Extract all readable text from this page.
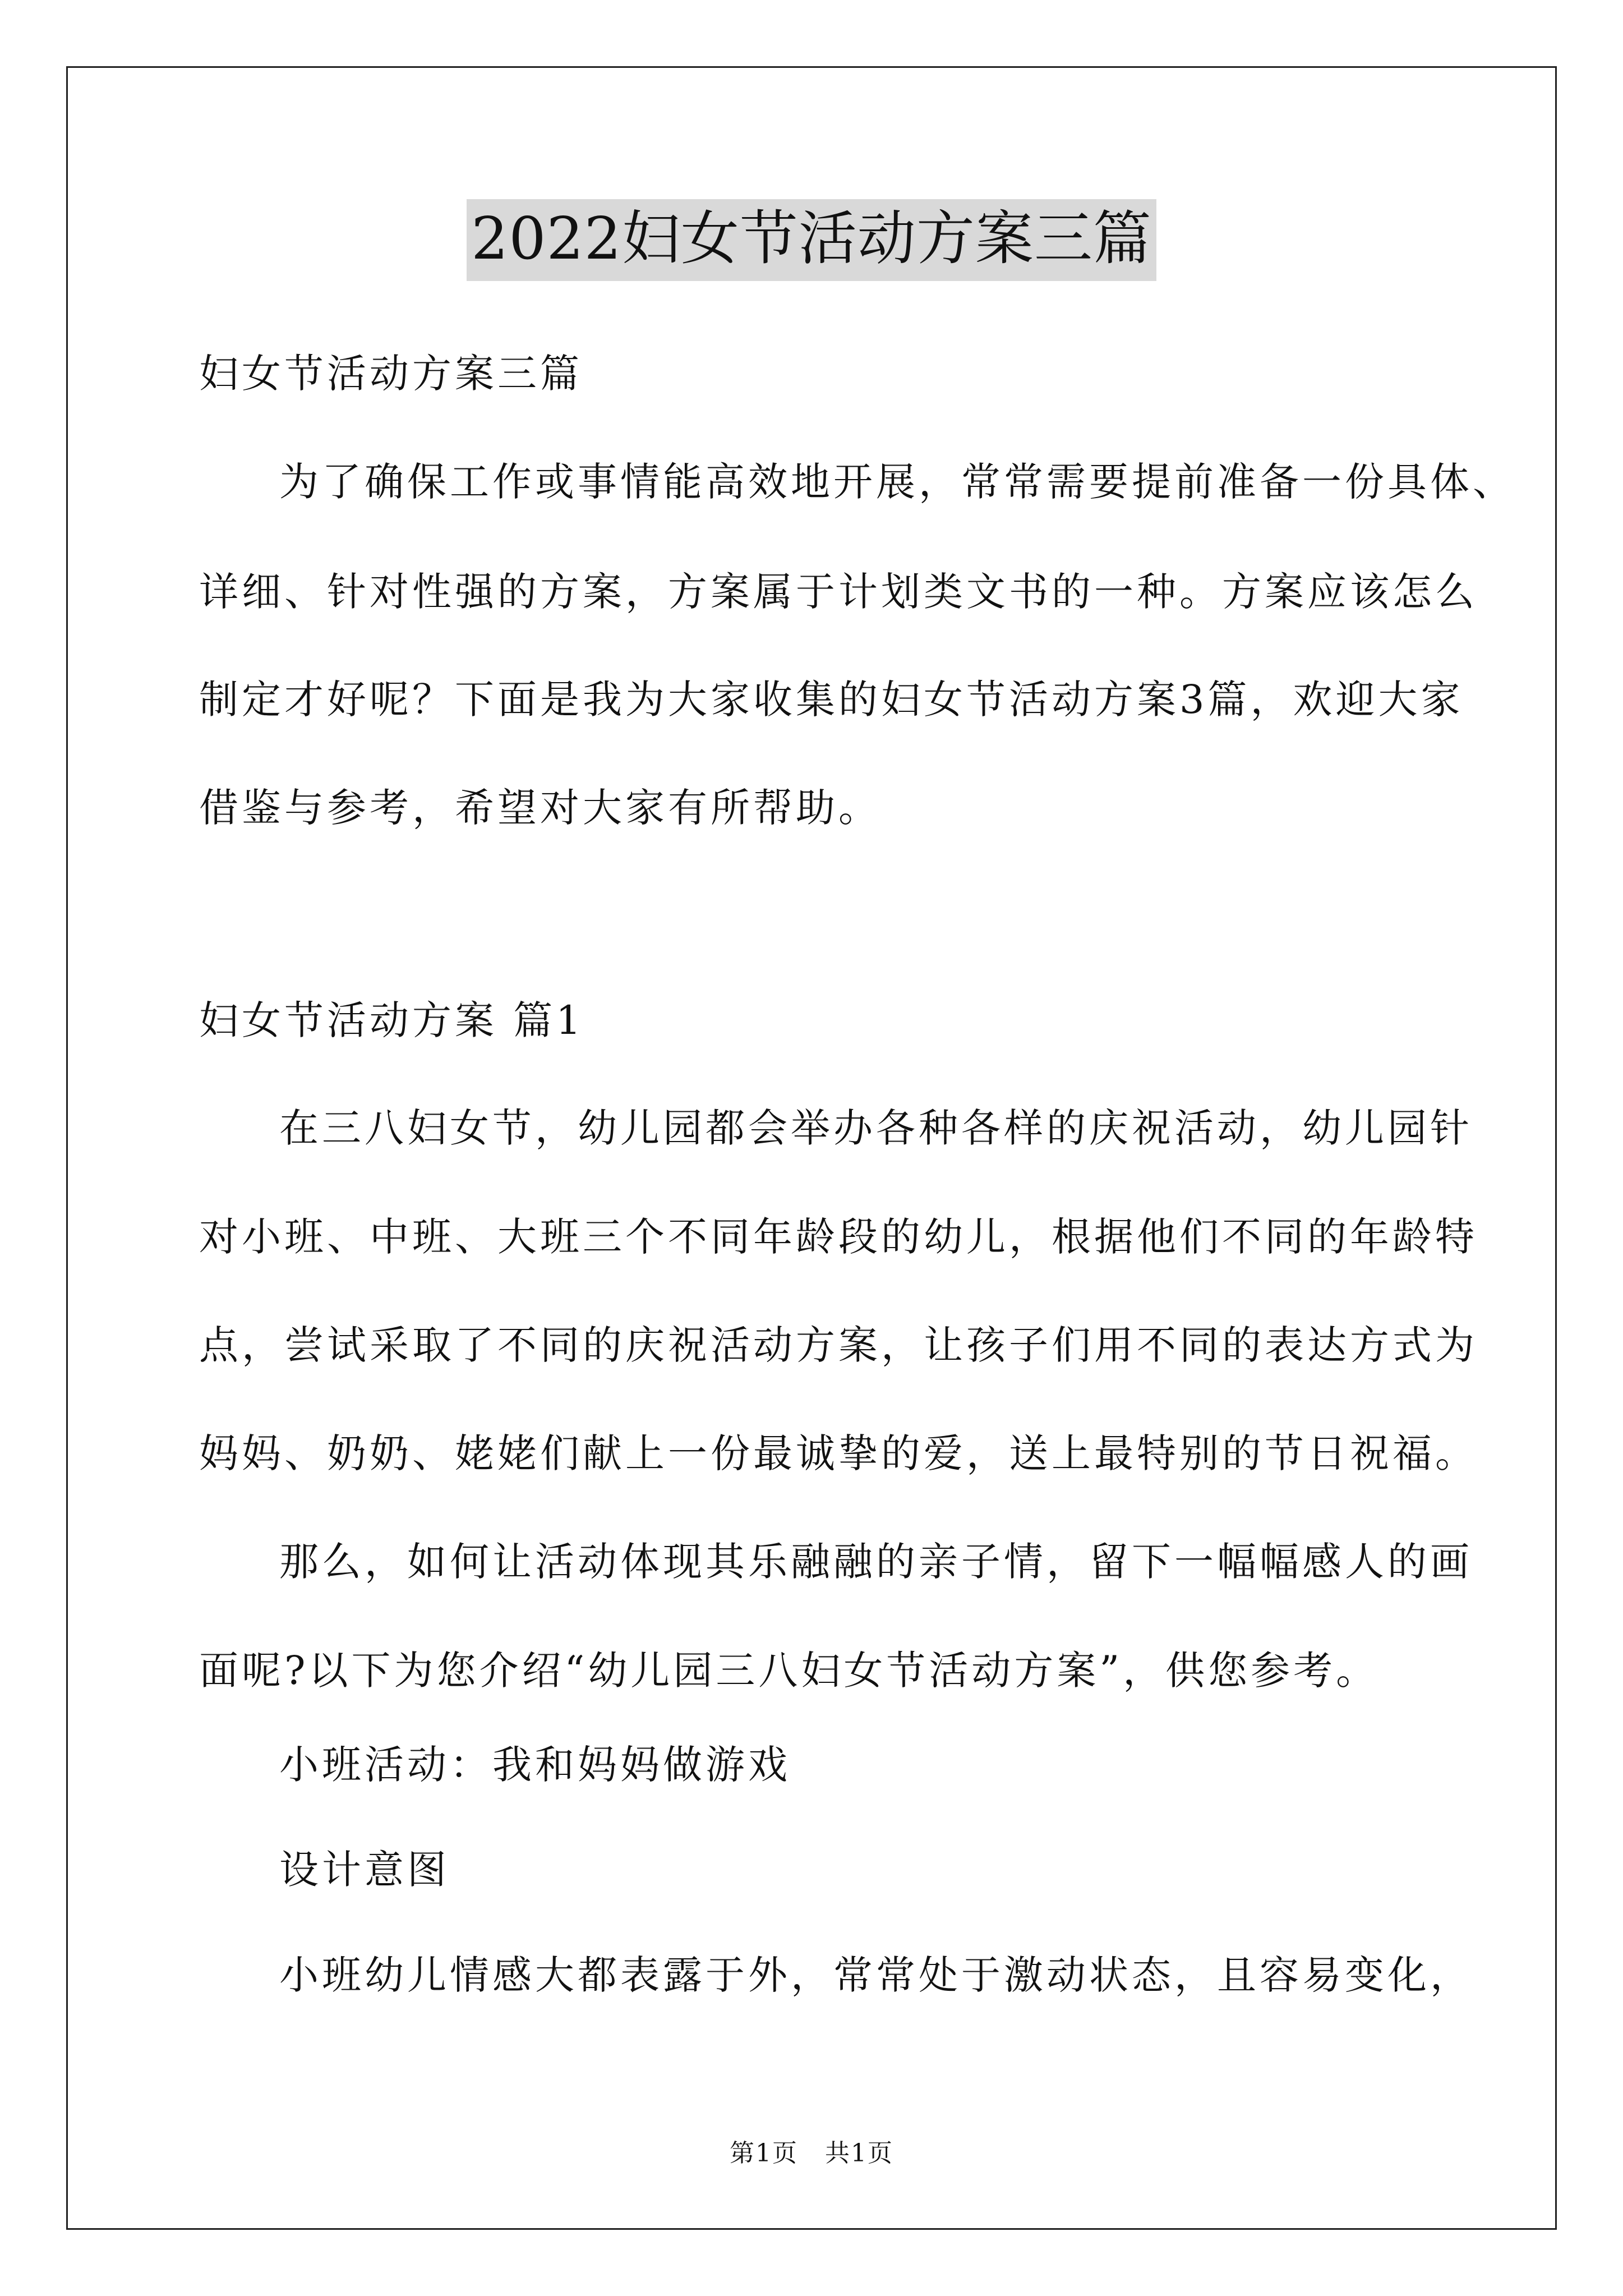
2022妇女节活动方案三篇
妇女节活动方案三篇
为了确保工作或事情能高效地开展，常常需要提前准备一份具体、
详细、针对性强的方案，方案属于计划类文书的一种。方案应该怎么
制定才好呢？下面是我为大家收集的妇女节活动方案3篇，欢迎大家
借鉴与参考，希望对大家有所帮助。
妇女节活动方案 篇1
在三八妇女节，幼儿园都会举办各种各样的庆祝活动，幼儿园针
对小班、中班、大班三个不同年龄段的幼儿，根据他们不同的年龄特
点，尝试采取了不同的庆祝活动方案，让孩子们用不同的表达方式为
妈妈、奶奶、姥姥们献上一份最诚挚的爱，送上最特别的节日祝福。
那么，如何让活动体现其乐融融的亲子情，留下一幅幅感人的画
面呢?以下为您介绍“幼儿园三八妇女节活动方案”，供您参考。
小班活动：我和妈妈做游戏
设计意图
小班幼儿情感大都表露于外，常常处于激动状态，且容易变化，
第1页   共1页
